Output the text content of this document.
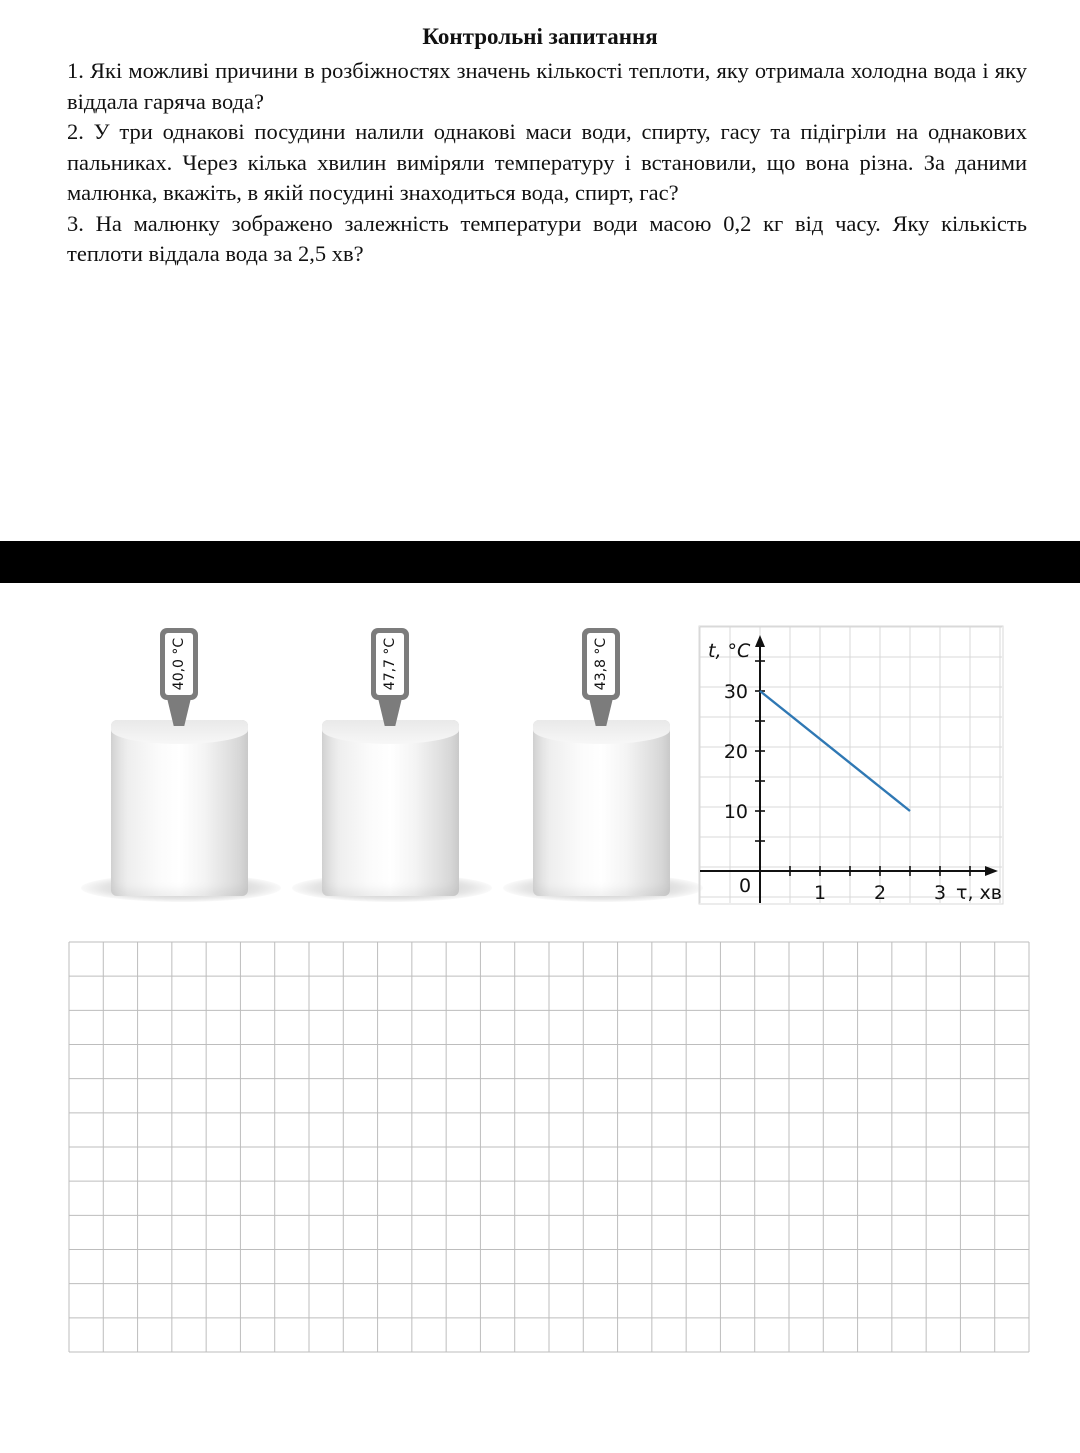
Контрольні запитання

1. Які можливі причини в розбіжностях значень кількості теплоти, яку отримала холодна вода і яку віддала гаряча вода?

2. У три однакові посудини налили однакові маси води, спирту, гасу та підігріли на однакових пальниках. Через кілька хвилин виміряли температуру і встановили, що вона різна. За даними малюнка, вкажіть, в якій посудині знаходиться вода, спирт, гас?

3. На малюнку зображено залежність температури води масою 0,2 кг від часу. Яку кількість теплоти віддала вода за 2,5 хв?

40,0 °C	47,7 °C	43,8 °C
10
20
30
1	2	3
0
t, °C
τ, хв
